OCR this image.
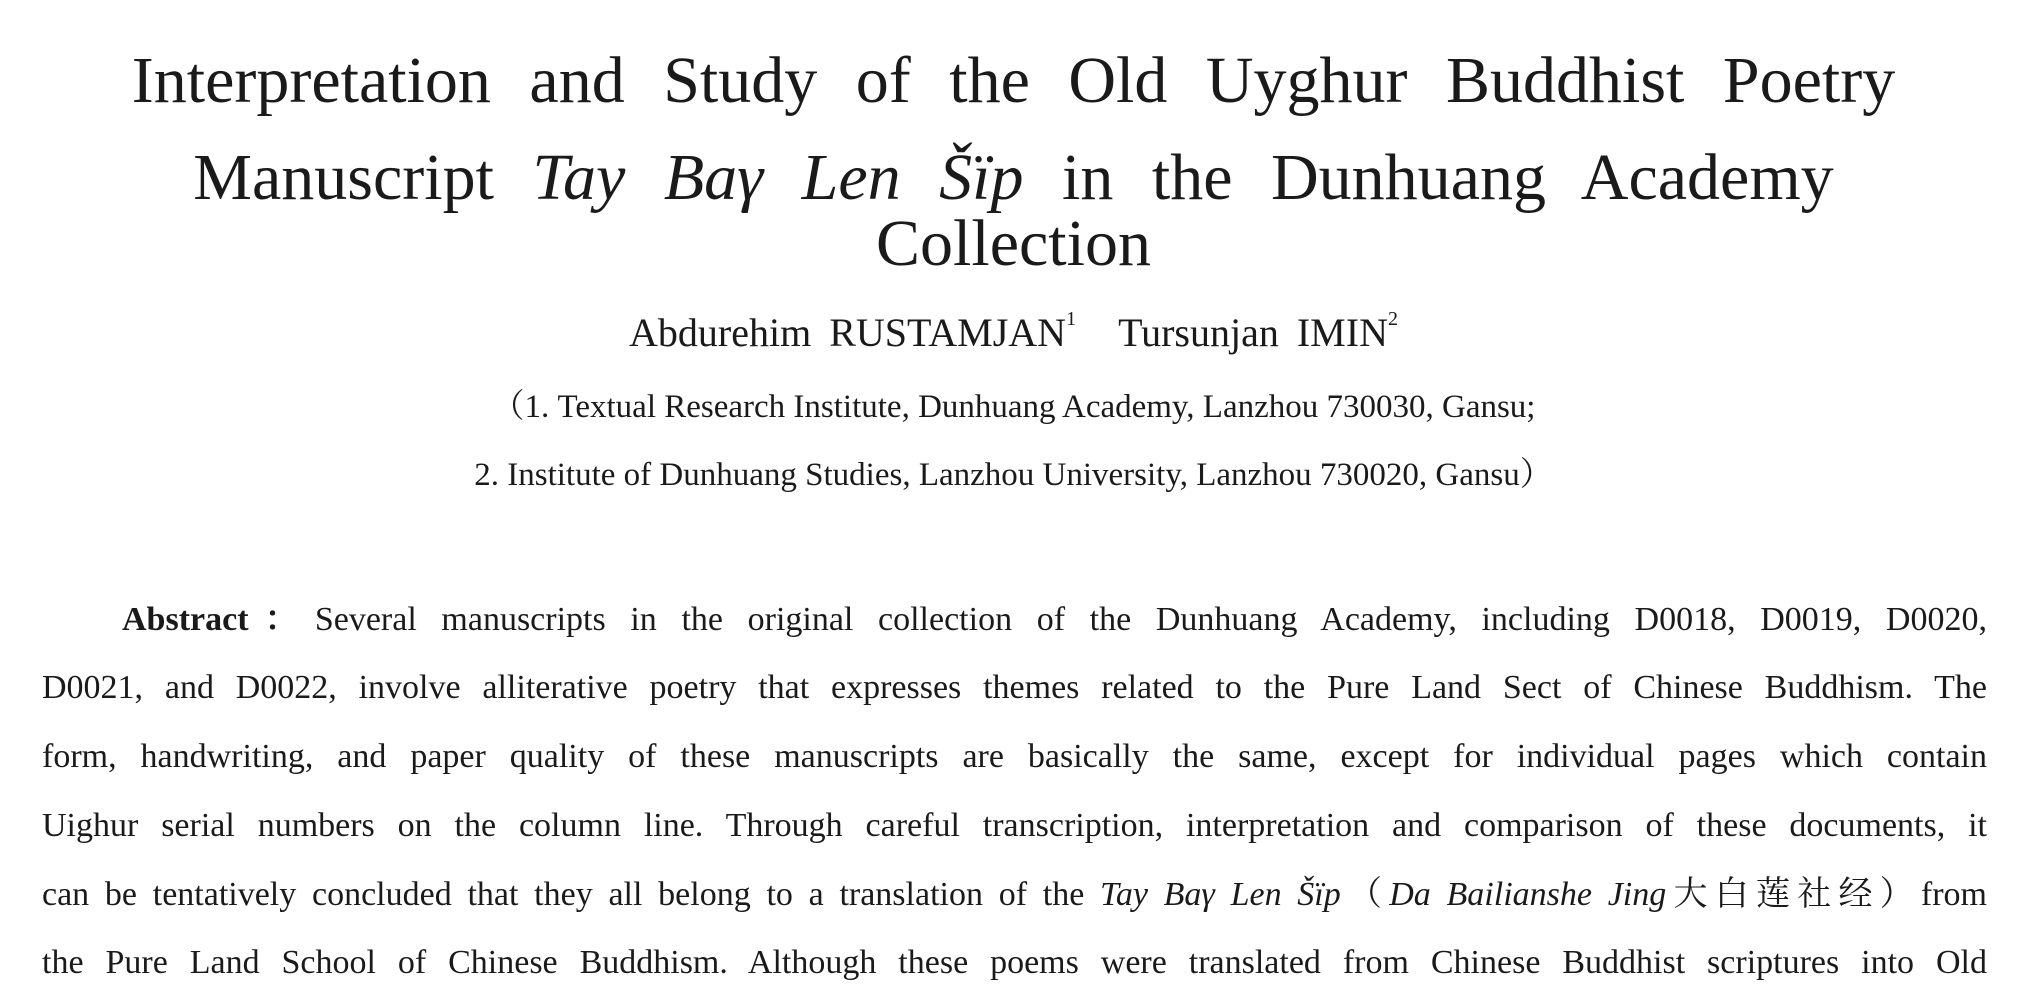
Interpretation and Study of the Old Uyghur Buddhist Poetry
Manuscript Tay Baγ Len Šïp in the Dunhuang Academy Collection
Abdurehim RUSTAMJAN$^1$ Tursunjan IMIN$^2$
（1. Textual Research Institute, Dunhuang Academy, Lanzhou 730030, Gansu;
2. Institute of Dunhuang Studies, Lanzhou University, Lanzhou 730020, Gansu）
Abstract：Several manuscripts in the original collection of the Dunhuang Academy, including D0018, D0019, D0020,
D0021, and D0022, involve alliterative poetry that expresses themes related to the Pure Land Sect of Chinese Buddhism. The
form, handwriting, and paper quality of these manuscripts are basically the same, except for individual pages which contain
Uighur serial numbers on the column line. Through careful transcription, interpretation and comparison of these documents, it
can be tentatively concluded that they all belong to a translation of the Tay Baγ Len Šïp（Da Bailianshe Jing大白莲社经）from
the Pure Land School of Chinese Buddhism. Although these poems were translated from Chinese Buddhist scriptures into Old
